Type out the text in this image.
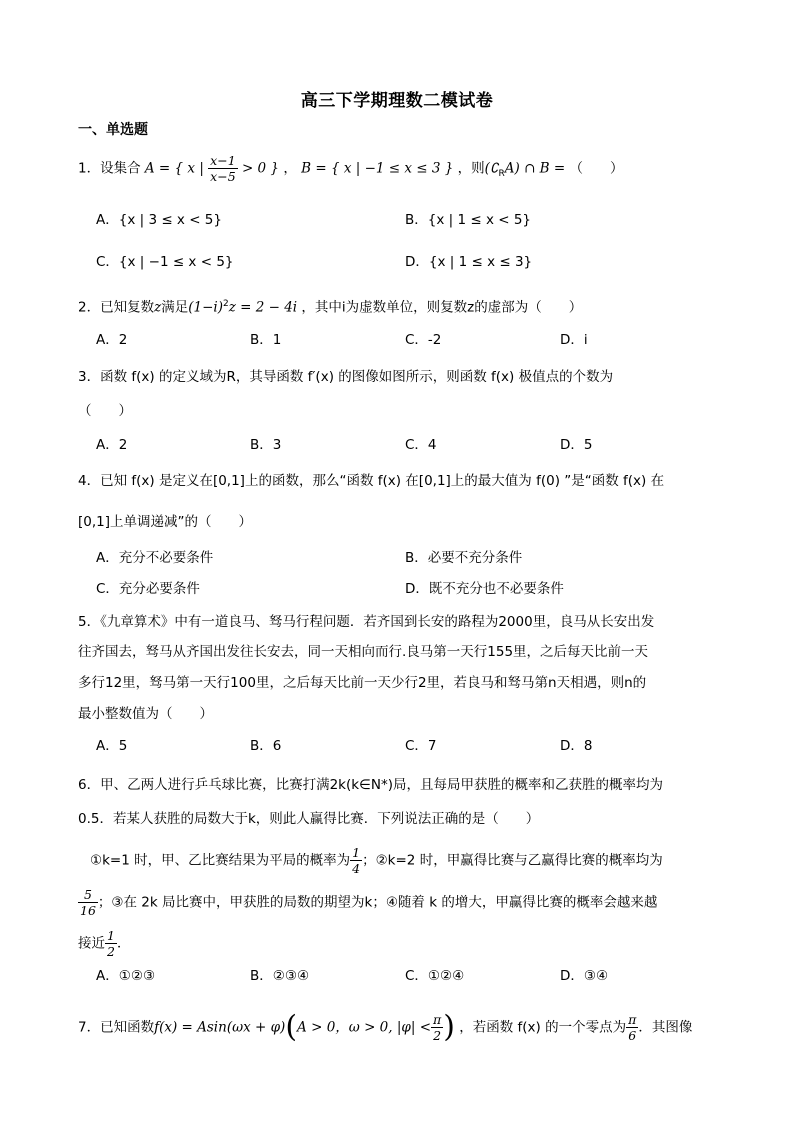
高三下学期理数二模试卷
一、单选题
1．设集合 A = { x | $\frac{x-1}{x-5} > 0$ } ， B = { x | −1 ≤ x ≤ 3 } ，则$(∁_RA)$ ∩ B = （　　）
A．{x | 3 ≤ x < 5}	B．{x | 1 ≤ x < 5}
C．{x | −1 ≤ x < 5}	D．{x | 1 ≤ x ≤ 3}
2．已知复数z满足$(1-i)^2z = 2 - 4i$ ，其中i为虚数单位，则复数z的虚部为（　　）
A．2	B．1	C．-2	D．i
3．函数 f(x) 的定义域为R，其导函数 f′(x) 的图像如图所示，则函数 f(x) 极值点的个数为
（　　）
A．2	B．3	C．4	D．5
4．已知 f(x) 是定义在[0,1]上的函数，那么“函数 f(x) 在[0,1]上的最大值为 f(0) ”是“函数 f(x) 在
[0,1]上单调递减”的（　　）
A．充分不必要条件	B．必要不充分条件
C．充分必要条件	D．既不充分也不必要条件
5．《九章算术》中有一道良马、驽马行程问题．若齐国到长安的路程为2000里，良马从长安出发
往齐国去，驽马从齐国出发往长安去，同一天相向而行.良马第一天行155里，之后每天比前一天
多行12里，驽马第一天行100里，之后每天比前一天少行2里，若良马和驽马第n天相遇，则n的
最小整数值为（　　）
A．5	B．6	C．7	D．8
6．甲、乙两人进行乒乓球比赛，比赛打满2k(k∈N*)局，且每局甲获胜的概率和乙获胜的概率均为
0.5．若某人获胜的局数大于k，则此人赢得比赛．下列说法正确的是（　　）
①k=1 时，甲、乙比赛结果为平局的概率为 $\frac{1}{4}$ ；②k=2 时，甲赢得比赛与乙赢得比赛的概率均为
$\frac{5}{16}$ ；③在 2k 局比赛中，甲获胜的局数的期望为k；④随着 k 的增大，甲赢得比赛的概率会越来越
接近 $\frac{1}{2}$ ．
A．①②③	B．②③④	C．①②④	D．③④
7．已知函数f(x) = Asin(ωx + φ)(A > 0，ω > 0, $|\varphi| < \frac{\pi}{2}$ ) ，若函数 f(x) 的一个零点为 $\frac{\pi}{6}$ ．其图像
